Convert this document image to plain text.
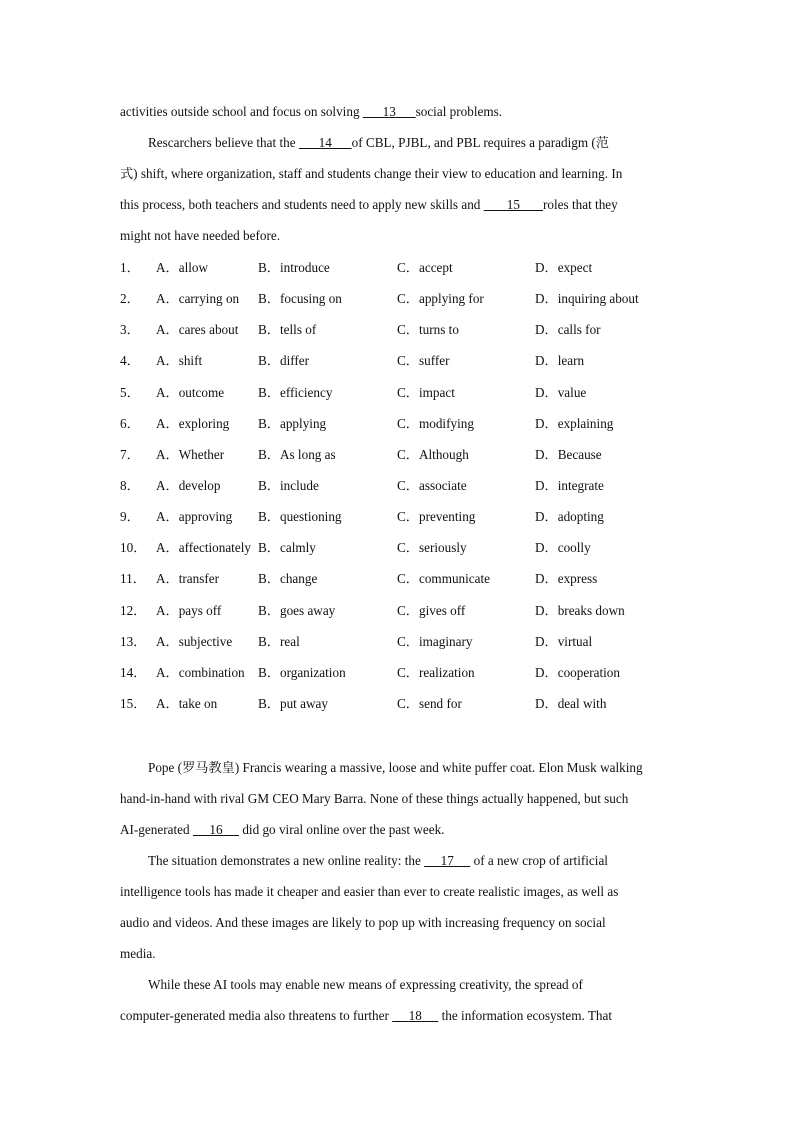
activities outside school and focus on solving 13 social problems.
Rescarchers believe that the 14 of CBL, PJBL, and PBL requires a paradigm (范
式) shift, where organization, staff and students change their view to education and learning. In
this process, both teachers and students need to apply new skills and 15 roles that they
might not have needed before.
1． A．allow	B．introduce	C．accept	D．expect
2． A．carrying on B．focusing on	C．applying for	D．inquiring about
3． A．cares about B．tells of	C．turns to	D．calls for
4． A．shift	B．differ	C．suffer	D．learn
5． A．outcome	B．efficiency	C．impact	D．value
6． A．exploring B．applying	C．modifying	D．explaining
7． A．Whether	B．As long as	C．Although	D．Because
8． A．develop	B．include	C．associate	D．integrate
9． A．approving B．questioning	C．preventing	D．adopting
10． A．affectionately B．calmly	C．seriously	D．coolly
11． A．transfer	B．change	C．communicate	D．express
12． A．pays off	B．goes away	C．gives off	D．breaks down
13． A．subjective B．real	C．imaginary	D．virtual
14． A．combination B．organization	C．realization	D．cooperation
15． A．take on	B．put away	C．send for	D．deal with
Pope (罗马教皇) Francis wearing a massive, loose and white puffer coat. Elon Musk walking
hand-in-hand with rival GM CEO Mary Barra. None of these things actually happened, but such
AI-generated 16 did go viral online over the past week.
The situation demonstrates a new online reality: the 17 of a new crop of artificial
intelligence tools has made it cheaper and easier than ever to create realistic images, as well as
audio and videos. And these images are likely to pop up with increasing frequency on social
media.
While these AI tools may enable new means of expressing creativity, the spread of
computer-generated media also threatens to further 18 the information ecosystem. That
